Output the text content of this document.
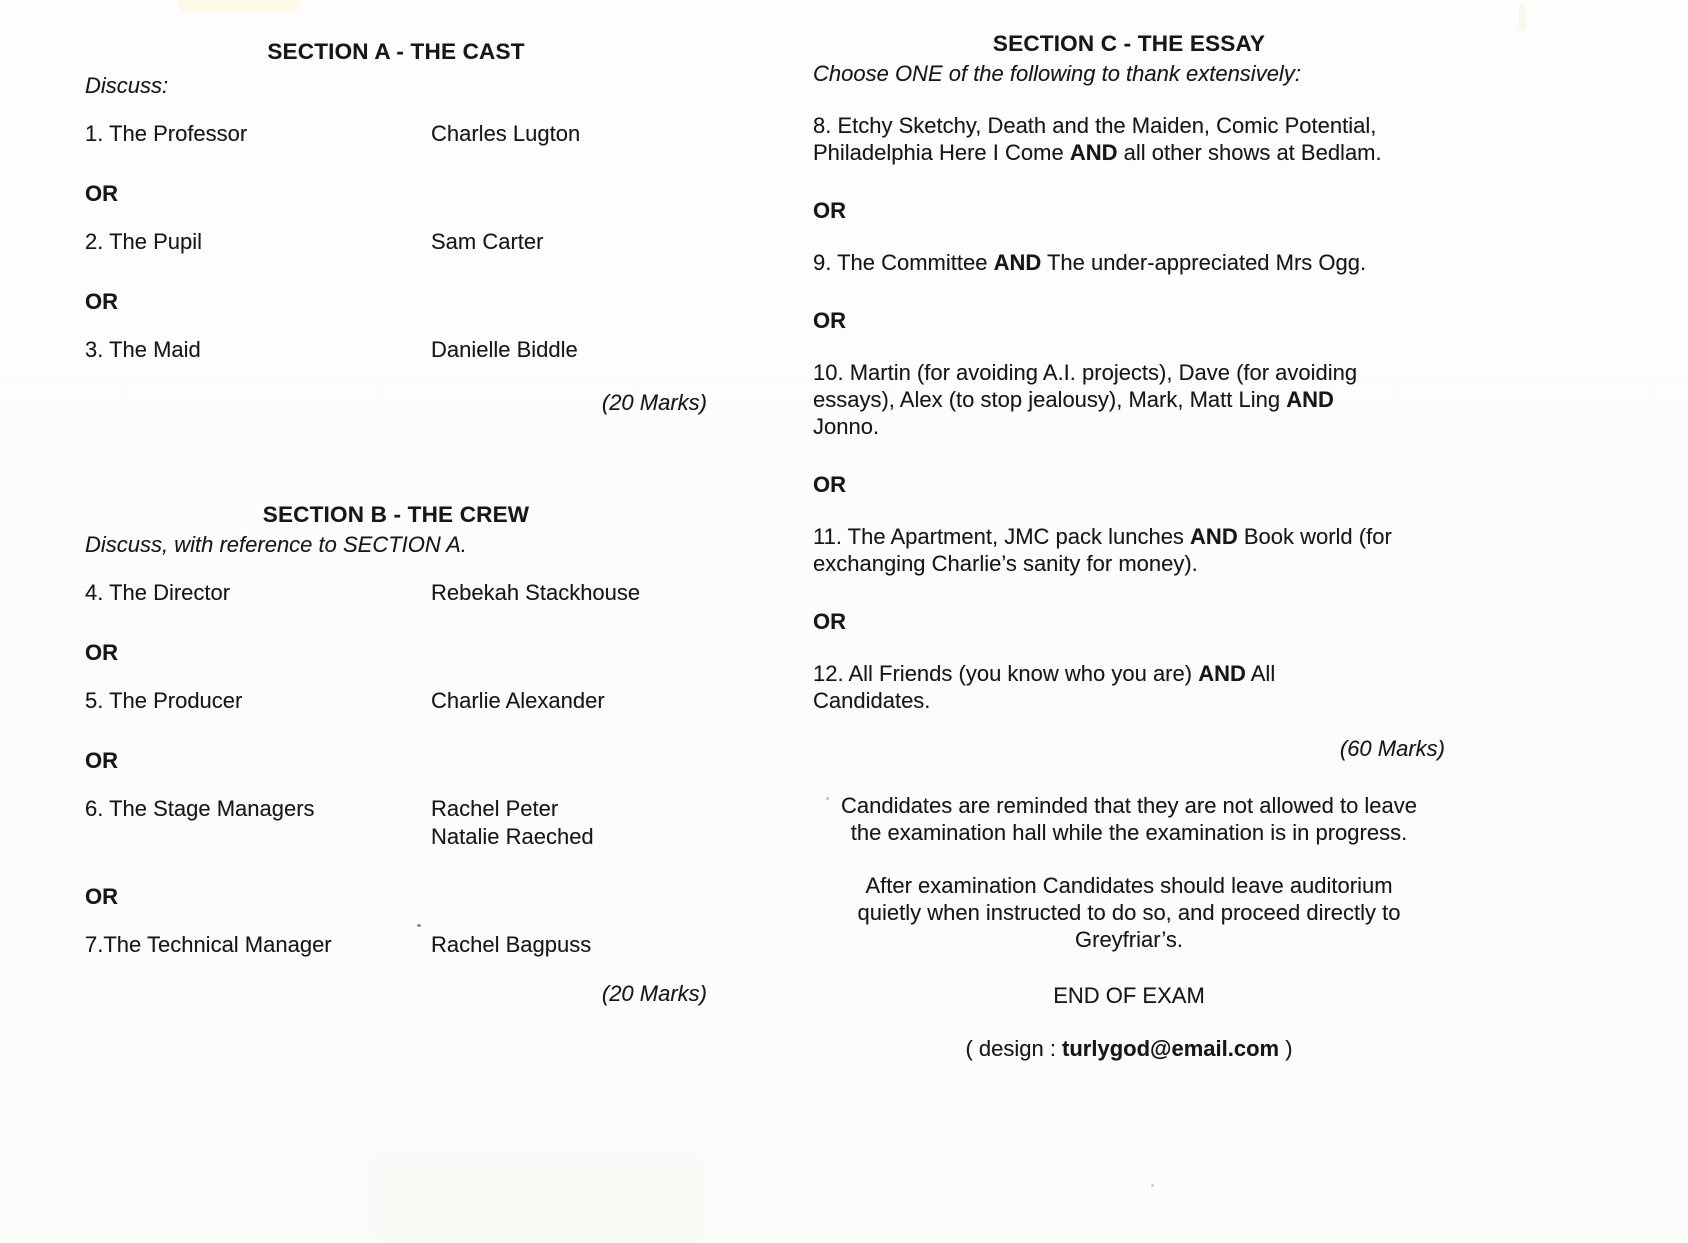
SECTION A - THE CAST
Discuss:
1. The Professor	Charles Lugton
OR
2. The Pupil	Sam Carter
OR
3. The Maid	Danielle Biddle
(20 Marks)
SECTION B - THE CREW
Discuss, with reference to SECTION A.
4. The Director	Rebekah Stackhouse
OR
5. The Producer	Charlie Alexander
OR
6. The Stage Managers	Rachel Peter
Natalie Raeched
OR
7.The Technical Manager	Rachel Bagpuss
(20 Marks)
SECTION C - THE ESSAY
Choose ONE of the following to thank extensively:
8. Etchy Sketchy, Death and the Maiden, Comic Potential,
Philadelphia Here I Come AND all other shows at Bedlam.
OR
9. The Committee AND The under-appreciated Mrs Ogg.
OR
10. Martin (for avoiding A.I. projects), Dave (for avoiding
essays), Alex (to stop jealousy), Mark, Matt Ling AND
Jonno.
OR
11. The Apartment, JMC pack lunches AND Book world (for
exchanging Charlie’s sanity for money).
OR
12. All Friends (you know who you are) AND All
Candidates.
(60 Marks)
Candidates are reminded that they are not allowed to leave
the examination hall while the examination is in progress.
After examination Candidates should leave auditorium
quietly when instructed to do so, and proceed directly to
Greyfriar’s.
END OF EXAM
( design : turlygod@email.com )
